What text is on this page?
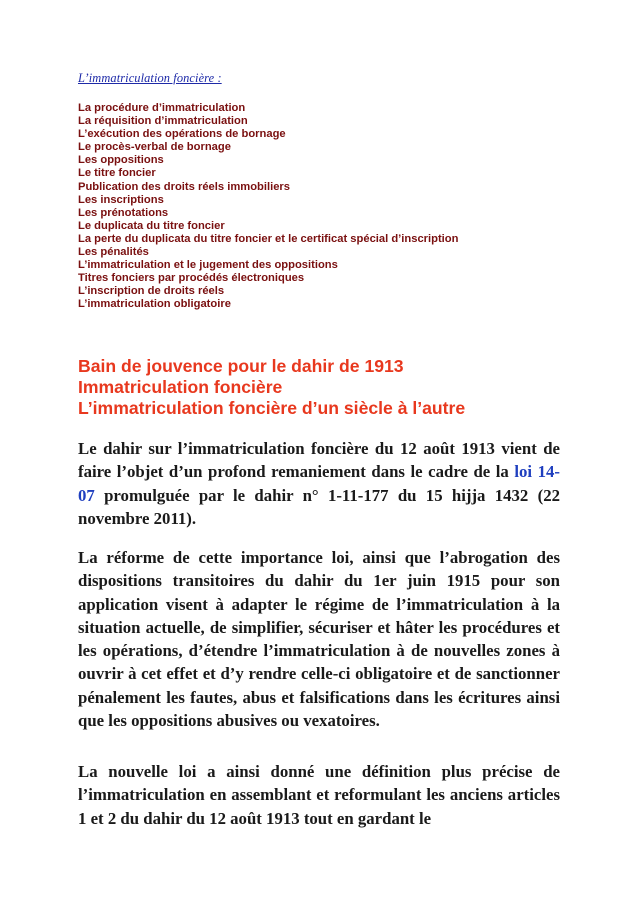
L’immatriculation foncière :
La procédure d’immatriculation
La réquisition d’immatriculation
L’exécution des opérations de bornage
Le procès-verbal de bornage
Les oppositions
Le titre foncier
Publication des droits réels immobiliers
Les inscriptions
Les prénotations
Le duplicata du titre foncier
La perte du duplicata du titre foncier et le certificat spécial d’inscription
Les pénalités
L’immatriculation et le jugement des oppositions
Titres fonciers par procédés électroniques
L’inscription de droits réels
L’immatriculation obligatoire
Bain de jouvence pour le dahir de 1913
Immatriculation foncière
L’immatriculation foncière d’un siècle à l’autre

Le dahir sur l’immatriculation foncière du 12 août 1913 vient de faire l’objet d’un profond remaniement dans le cadre de la loi 14-07 promulguée par le dahir n° 1-11-177 du 15 hijja 1432 (22 novembre 2011).

La réforme de cette importance loi, ainsi que l’abrogation des dispositions transitoires du dahir du 1er juin 1915 pour son application visent à adapter le régime de l’immatriculation à la situation actuelle, de simplifier, sécuriser et hâter les procédures et les opérations, d’étendre l’immatriculation à de nouvelles zones à ouvrir à cet effet et d’y rendre celle-ci obligatoire et de sanctionner pénalement les fautes, abus et falsifications dans les écritures ainsi que les oppositions abusives ou vexatoires.

La nouvelle loi a ainsi donné une définition plus précise de l’immatriculation en assemblant et reformulant les anciens articles 1 et 2 du dahir du 12 août 1913 tout en gardant le
